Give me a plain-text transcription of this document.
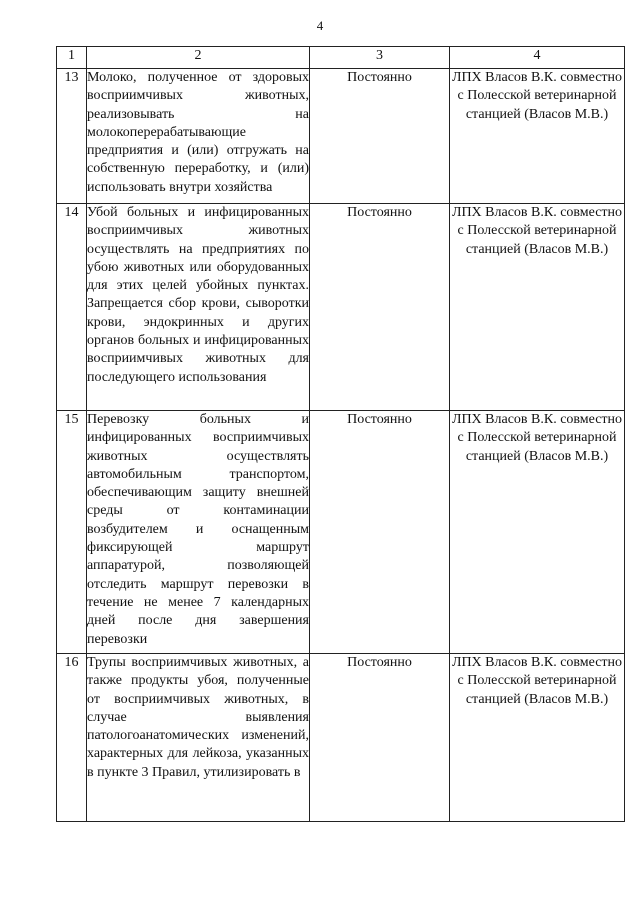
4
1	2	3	4
13	Молоко, полученное от здоровых восприимчивых животных, реализовывать на молокоперерабатывающие предприятия и (или) отгружать на собственную переработку, и (или) использовать внутри хозяйства	Постоянно	ЛПХ Власов В.К. совместно с Полесской ветеринарной станцией (Власов М.В.)
14	Убой больных и инфицированных восприимчивых животных осуществлять на предприятиях по убою животных или оборудованных для этих целей убойных пунктах. Запрещается сбор крови, сыворотки крови, эндокринных и других органов больных и инфицированных восприимчивых животных для последующего использования	Постоянно	ЛПХ Власов В.К. совместно с Полесской ветеринарной станцией (Власов М.В.)
15	Перевозку больных и инфицированных восприимчивых животных осуществлять автомобильным транспортом, обеспечивающим защиту внешней среды от контаминации возбудителем и оснащенным фиксирующей маршрут аппаратурой, позволяющей отследить маршрут перевозки в течение не менее 7 календарных дней после дня завершения перевозки	Постоянно	ЛПХ Власов В.К. совместно с Полесской ветеринарной станцией (Власов М.В.)
16	Трупы восприимчивых животных, а также продукты убоя, полученные от восприимчивых животных, в случае выявления патологоанатомических изменений, характерных для лейкоза, указанных в пункте 3 Правил, утилизировать в	Постоянно	ЛПХ Власов В.К. совместно с Полесской ветеринарной станцией (Власов М.В.)
